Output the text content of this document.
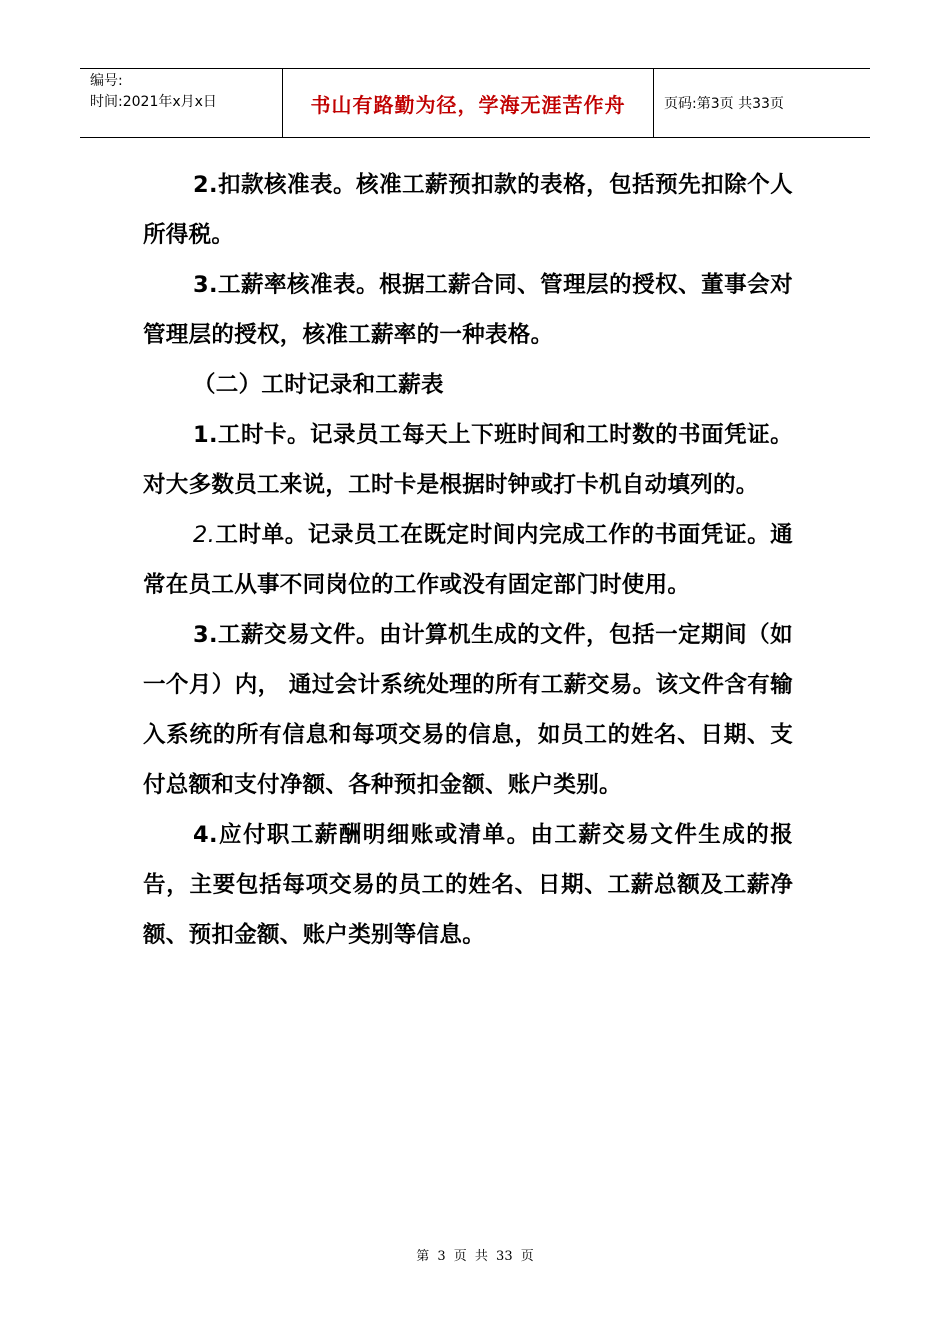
编号:
时间:2021年x月x日	书山有路勤为径，学海无涯苦作舟	页码:第3页 共33页

2.扣款核准表。核准工薪预扣款的表格，包括预先扣除个人所得税。

3.工薪率核准表。根据工薪合同、管理层的授权、董事会对管理层的授权，核准工薪率的一种表格。

（二）工时记录和工薪表

1.工时卡。记录员工每天上下班时间和工时数的书面凭证。对大多数员工来说，工时卡是根据时钟或打卡机自动填列的。

2.工时单。记录员工在既定时间内完成工作的书面凭证。通常在员工从事不同岗位的工作或没有固定部门时使用。

3.工薪交易文件。由计算机生成的文件，包括一定期间（如一个月）内， 通过会计系统处理的所有工薪交易。该文件含有输入系统的所有信息和每项交易的信息，如员工的姓名、日期、支付总额和支付净额、各种预扣金额、账户类别。

4.应付职工薪酬明细账或清单。由工薪交易文件生成的报告，主要包括每项交易的员工的姓名、日期、工薪总额及工薪净额、预扣金额、账户类别等信息。

第 3 页 共 33 页
